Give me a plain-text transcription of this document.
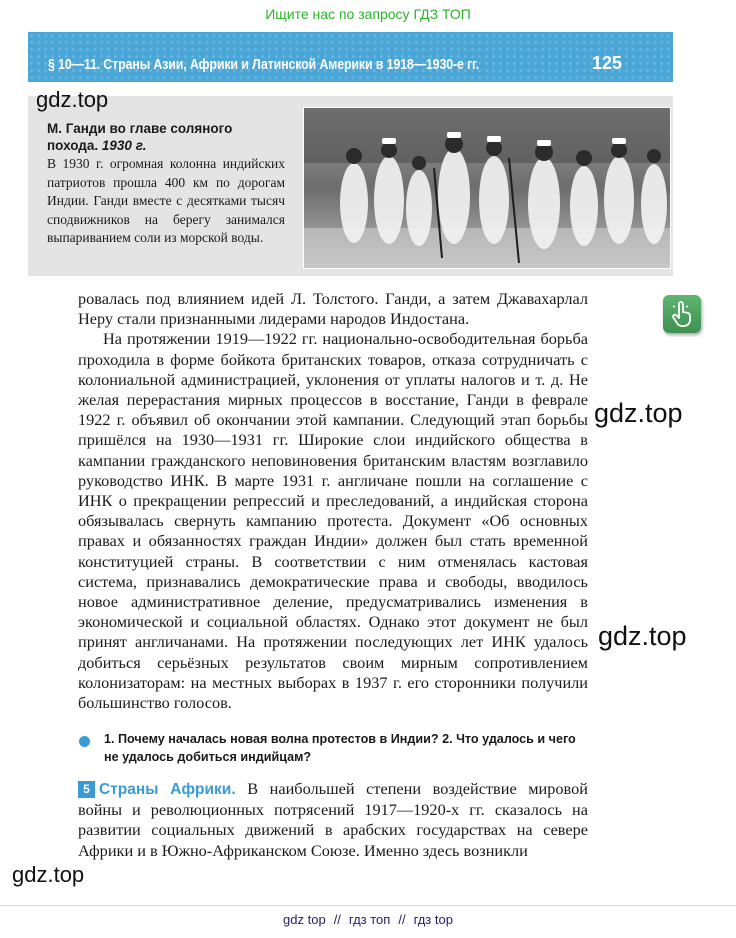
Ищите нас по запросу ГДЗ ТОП
§ 10—11. Страны Азии, Африки и Латинской Америки в 1918—1930-е гг.	125
М. Ганди во главе соляного похода. 1930 г.
В 1930 г. огромная колонна индийских патриотов прошла 400 км по дорогам Индии. Ганди вместе с десятками тысяч сподвижников на берегу занимался выпариванием соли из морской воды.

ровалась под влиянием идей Л. Толстого. Ганди, а затем Джавахарлал Неру стали признанными лидерами народов Индостана.

На протяжении 1919—1922 гг. национально-освободительная борьба проходила в форме бойкота британских товаров, отказа сотрудничать с колониальной администрацией, уклонения от уплаты налогов и т. д. Не желая перерастания мирных процессов в восстание, Ганди в феврале 1922 г. объявил об окончании этой кампании. Следующий этап борьбы пришёлся на 1930—1931 гг. Широкие слои индийского общества в кампании гражданского неповиновения британским властям возглавило руководство ИНК. В марте 1931 г. англичане пошли на соглашение с ИНК о прекращении репрессий и преследований, а индийская сторона обязывалась свернуть кампанию протеста. Документ «Об основных правах и обязанностях граждан Индии» должен был стать временной конституцией страны. В соответствии с ним отменялась кастовая система, признавались демократические права и свободы, вводилось новое административное деление, предусматривались изменения в экономической и социальной областях. Однако этот документ не был принят англичанами. На протяжении последующих лет ИНК удалось добиться серьёзных результатов своим мирным сопротивлением колонизаторам: на местных выборах в 1937 г. его сторонники получили большинство голосов.

1. Почему началась новая волна протестов в Индии? 2. Что удалось и чего не удалось добиться индийцам?
5 Страны Африки. В наибольшей степени воздействие мировой войны и революционных потрясений 1917—1920-х гг. сказалось на развитии социальных движений в арабских государствах на севере Африки и в Южно-Африканском Союзе. Именно здесь возникли
gdz.top
gdz.top
gdz.top
gdz.top
gdz top // гдз топ // гдз top
